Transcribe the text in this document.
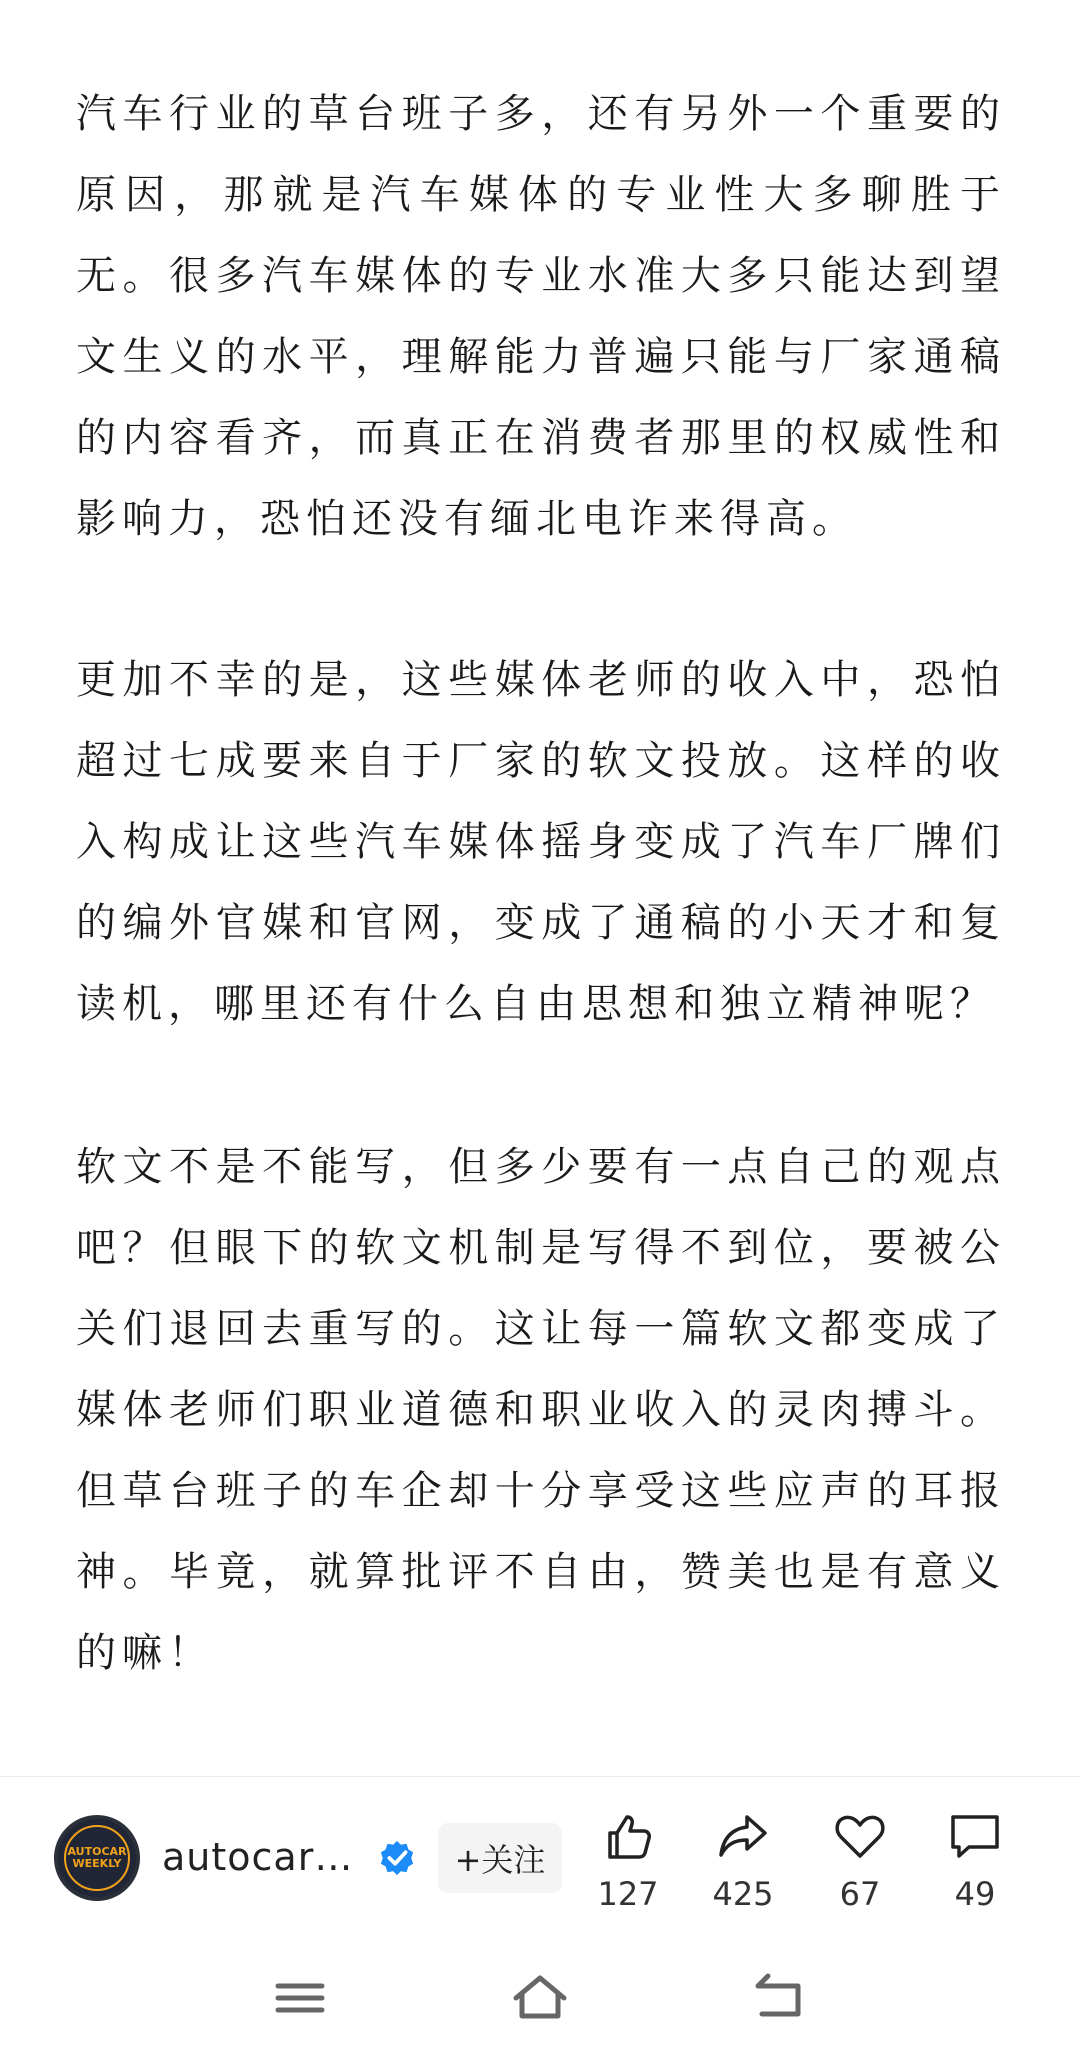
汽车行业的草台班子多，还有另外一个重要的原因，那就是汽车媒体的专业性大多聊胜于无。很多汽车媒体的专业水准大多只能达到望文生义的水平，理解能力普遍只能与厂家通稿的内容看齐，而真正在消费者那里的权威性和影响力，恐怕还没有缅北电诈来得高。

更加不幸的是，这些媒体老师的收入中，恐怕超过七成要来自于厂家的软文投放。这样的收入构成让这些汽车媒体摇身变成了汽车厂牌们的编外官媒和官网，变成了通稿的小天才和复读机，哪里还有什么自由思想和独立精神呢？

软文不是不能写，但多少要有一点自己的观点吧？但眼下的软文机制是写得不到位，要被公关们退回去重写的。这让每一篇软文都变成了媒体老师们职业道德和职业收入的灵肉搏斗。但草台班子的车企却十分享受这些应声的耳报神。毕竟，就算批评不自由，赞美也是有意义的嘛！

AUTOCAR
WEEKLY autocar…	+关注
127	425	67	49
